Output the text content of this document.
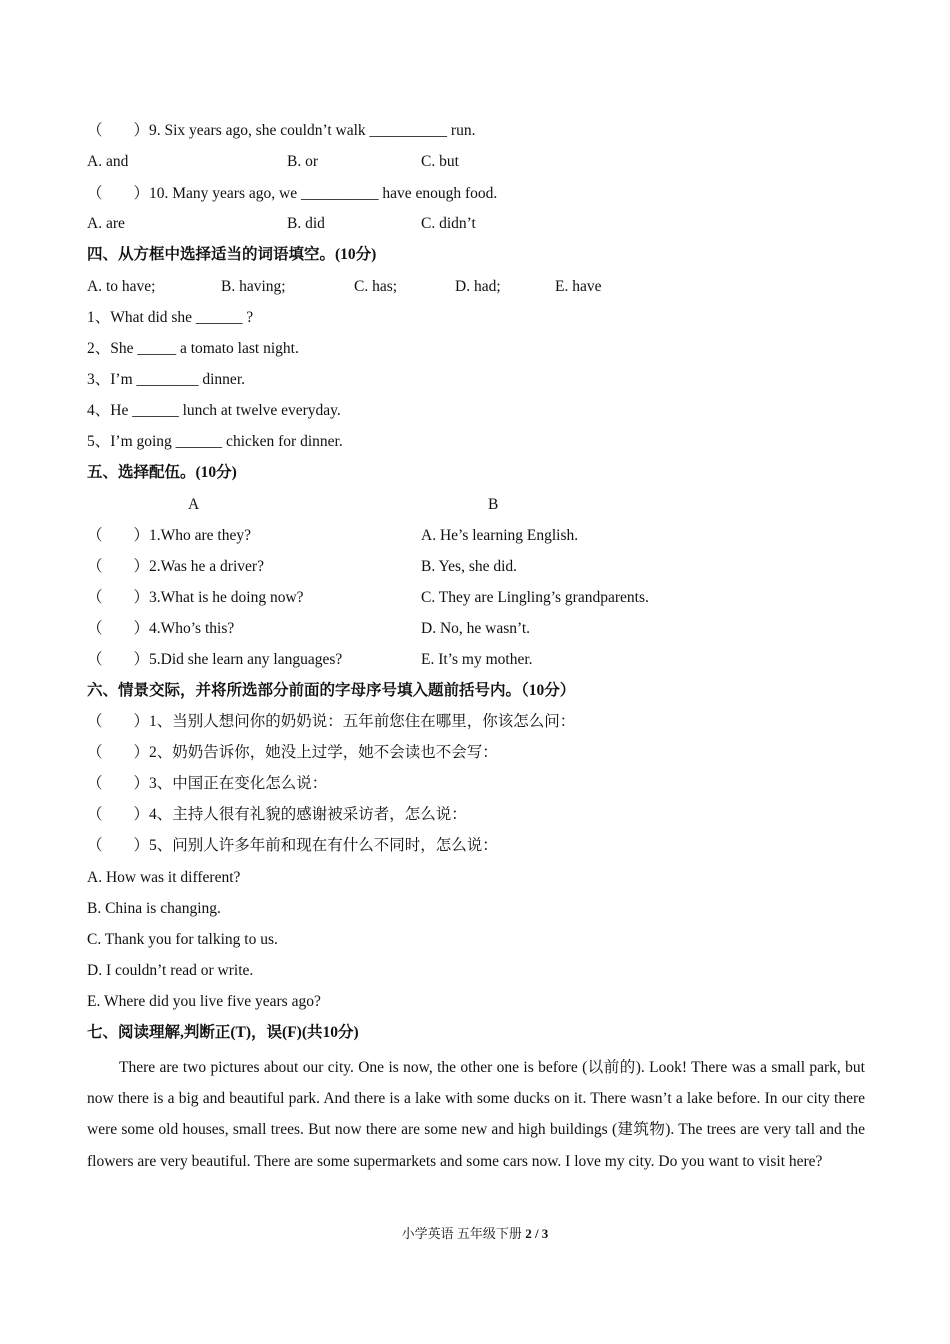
（　　）9. Six years ago, she couldn’t walk __________ run.
A. and	B. or	C. but
（　　）10. Many years ago, we __________ have enough food.
A. are	B. did	C. didn’t
四、从方框中选择适当的词语填空。(10分)
A. to have;	B. having;	C. has;	D. had;	E. have
1、What did she ______ ?
2、She _____ a tomato last night.
3、I’m ________ dinner.
4、He ______ lunch at twelve everyday.
5、I’m going ______ chicken for dinner.
五、选择配伍。(10分)
A	B
（　　）1.Who are they?	A. He’s learning English.
（　　）2.Was he a driver?	B. Yes, she did.
（　　）3.What is he doing now?	C. They are Lingling’s grandparents.
（　　）4.Who’s this?	D. No, he wasn’t.
（　　）5.Did she learn any languages?	E. It’s my mother.
六、情景交际，并将所选部分前面的字母序号填入题前括号内。（10分）
（　　）1、当别人想问你的奶奶说：五年前您住在哪里，你该怎么问：
（　　）2、奶奶告诉你，她没上过学，她不会读也不会写：
（　　）3、中国正在变化怎么说：
（　　）4、主持人很有礼貌的感谢被采访者，怎么说：
（　　）5、问别人许多年前和现在有什么不同时，怎么说：
A. How was it different?
B. China is changing.
C. Thank you for talking to us.
D. I couldn’t read or write.
E. Where did you live five years ago?
七、阅读理解,判断正(T)，误(F)(共10分)
There are two pictures about our city. One is now, the other one is before (以前的). Look! There was a small park, but now there is a big and beautiful park. And there is a lake with some ducks on it. There wasn’t a lake before. In our city there were some old houses, small trees. But now there are some new and high buildings (建筑物). The trees are very tall and the flowers are very beautiful. There are some supermarkets and some cars now. I love my city. Do you want to visit here?
小学英语 五年级下册 2 / 3
